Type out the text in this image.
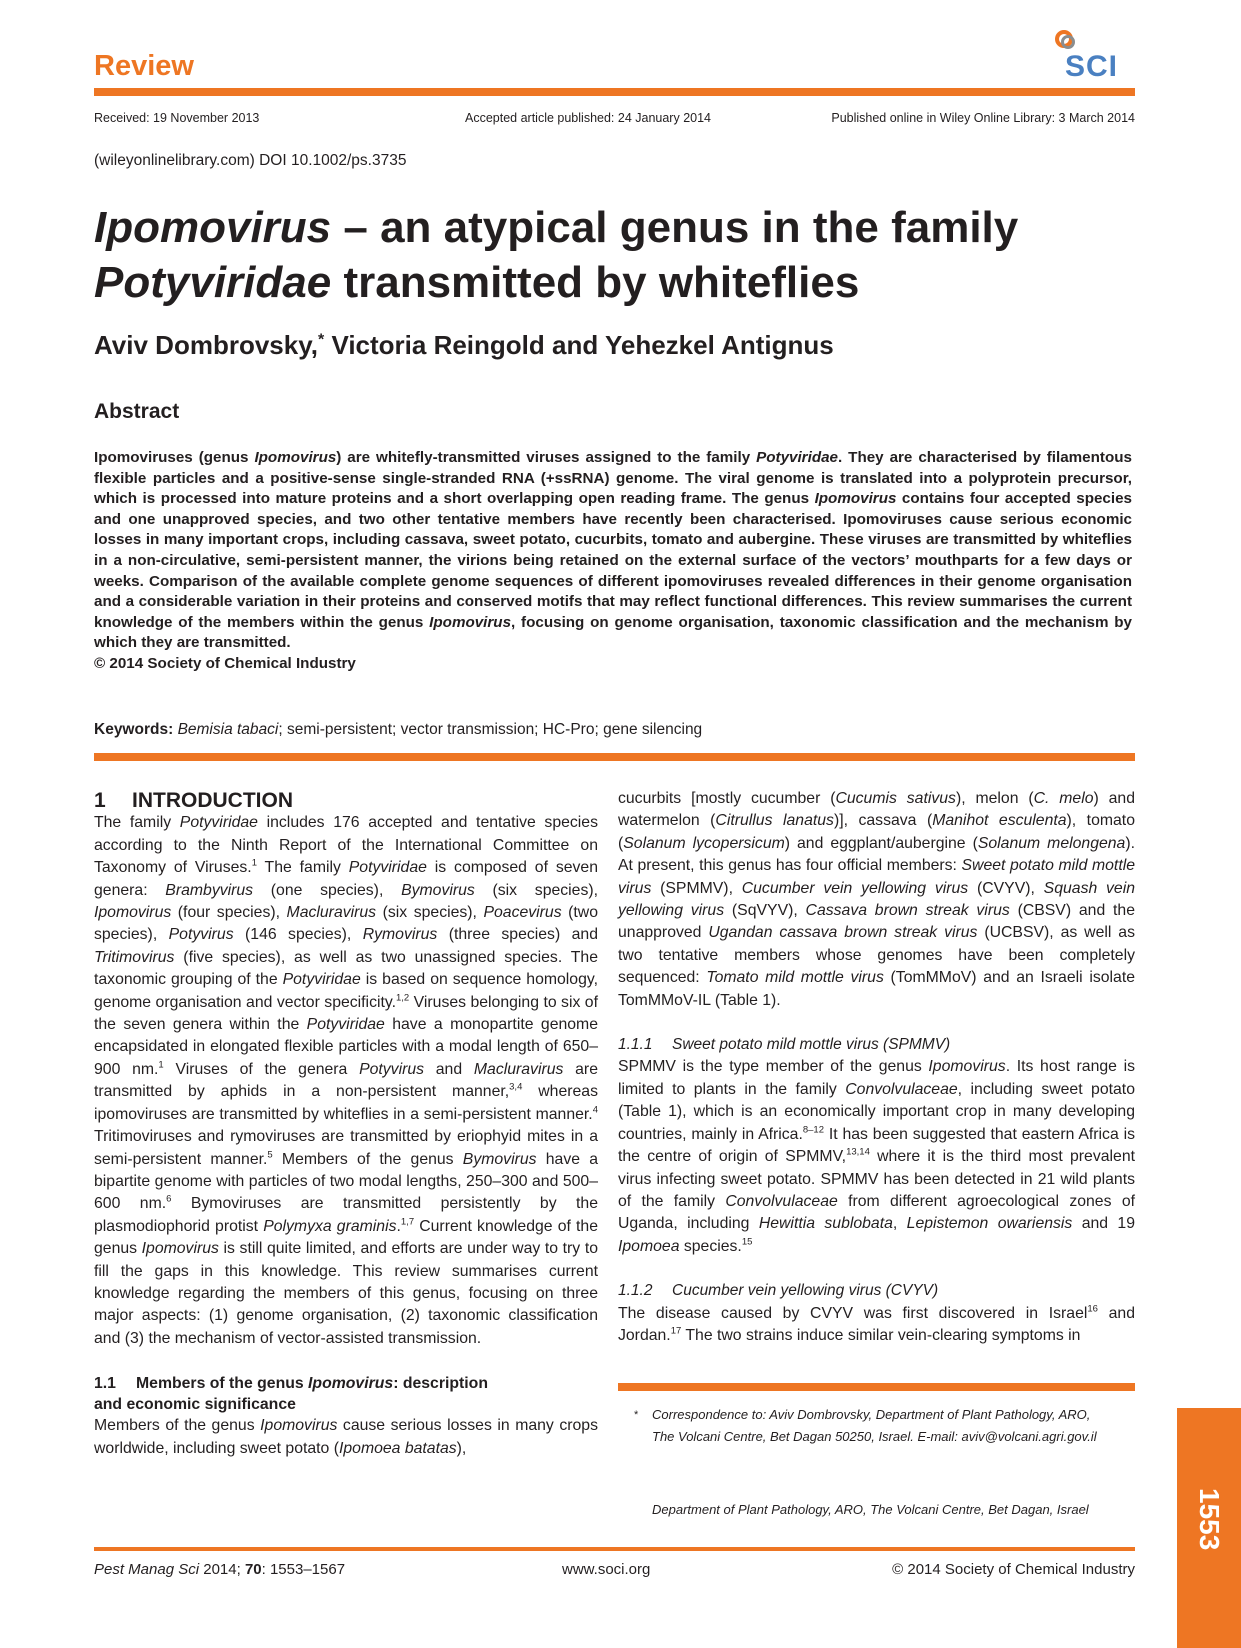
Review	SCI
Received: 19 November 2013	Accepted article published: 24 January 2014	Published online in Wiley Online Library: 3 March 2014
(wileyonlinelibrary.com) DOI 10.1002/ps.3735
Ipomovirus – an atypical genus in the family
Potyviridae transmitted by whiteflies
Aviv Dombrovsky,* Victoria Reingold and Yehezkel Antignus
Abstract

Ipomoviruses (genus Ipomovirus) are whitefly-transmitted viruses assigned to the family Potyviridae. They are characterised by filamentous flexible particles and a positive-sense single-stranded RNA (+ssRNA) genome. The viral genome is translated into a polyprotein precursor, which is processed into mature proteins and a short overlapping open reading frame. The genus Ipomovirus contains four accepted species and one unapproved species, and two other tentative members have recently been characterised. Ipomoviruses cause serious economic losses in many important crops, including cassava, sweet potato, cucurbits, tomato and aubergine. These viruses are transmitted by whiteflies in a non-circulative, semi-persistent manner, the virions being retained on the external surface of the vectors’ mouthparts for a few days or weeks. Comparison of the available complete genome sequences of different ipomoviruses revealed differences in their genome organisation and a considerable variation in their proteins and conserved motifs that may reflect functional differences. This review summarises the current knowledge of the members within the genus Ipomovirus, focusing on genome organisation, taxonomic classification and the mechanism by which they are transmitted.

© 2014 Society of Chemical Industry

Keywords: Bemisia tabaci; semi-persistent; vector transmission; HC-Pro; gene silencing
1 INTRODUCTION

The family Potyviridae includes 176 accepted and tentative species according to the Ninth Report of the International Committee on Taxonomy of Viruses.$^1$ The family Potyviridae is composed of seven genera: Brambyvirus (one species), Bymovirus (six species), Ipomovirus (four species), Macluravirus (six species), Poacevirus (two species), Potyvirus (146 species), Rymovirus (three species) and Tritimovirus (five species), as well as two unassigned species. The taxonomic grouping of the Potyviridae is based on sequence homology, genome organisation and vector specificity.$^{1,2}$ Viruses belonging to six of the seven genera within the Potyviridae have a monopartite genome encapsidated in elongated flexible particles with a modal length of 650–900 nm.$^1$ Viruses of the genera Potyvirus and Macluravirus are transmitted by aphids in a non-persistent manner,$^{3,4}$ whereas ipomoviruses are transmitted by whiteflies in a semi-persistent manner.$^4$ Tritimoviruses and rymoviruses are transmitted by eriophyid mites in a semi-persistent manner.$^5$ Members of the genus Bymovirus have a bipartite genome with particles of two modal lengths, 250–300 and 500–600 nm.$^6$ Bymoviruses are transmitted persistently by the plasmodiophorid protist Polymyxa graminis.$^{1,7}$ Current knowledge of the genus Ipomovirus is still quite limited, and efforts are under way to try to fill the gaps in this knowledge. This review summarises current knowledge regarding the members of this genus, focusing on three major aspects: (1) genome organisation, (2) taxonomic classification and (3) the mechanism of vector-assisted transmission.

1.1 Members of the genus Ipomovirus: description
and economic significance

Members of the genus Ipomovirus cause serious losses in many crops worldwide, including sweet potato (Ipomoea batatas),

cucurbits [mostly cucumber (Cucumis sativus), melon (C. melo) and watermelon (Citrullus lanatus)], cassava (Manihot esculenta), tomato (Solanum lycopersicum) and eggplant/aubergine (Solanum melongena). At present, this genus has four official members: Sweet potato mild mottle virus (SPMMV), Cucumber vein yellowing virus (CVYV), Squash vein yellowing virus (SqVYV), Cassava brown streak virus (CBSV) and the unapproved Ugandan cassava brown streak virus (UCBSV), as well as two tentative members whose genomes have been completely sequenced: Tomato mild mottle virus (TomMMoV) and an Israeli isolate TomMMoV-IL (Table 1).

1.1.1 Sweet potato mild mottle virus (SPMMV)

SPMMV is the type member of the genus Ipomovirus. Its host range is limited to plants in the family Convolvulaceae, including sweet potato (Table 1), which is an economically important crop in many developing countries, mainly in Africa.$^{8-12}$ It has been suggested that eastern Africa is the centre of origin of SPMMV,$^{13,14}$ where it is the third most prevalent virus infecting sweet potato. SPMMV has been detected in 21 wild plants of the family Convolvulaceae from different agroecological zones of Uganda, including Hewittia sublobata, Lepistemon owariensis and 19 Ipomoea species.$^{15}$

1.1.2 Cucumber vein yellowing virus (CVYV)

The disease caused by CVYV was first discovered in Israel$^{16}$ and Jordan.$^{17}$ The two strains induce similar vein-clearing symptoms in

* Correspondence to: Aviv Dombrovsky, Department of Plant Pathology, ARO,
The Volcani Centre, Bet Dagan 50250, Israel. E-mail: aviv@volcani.agri.gov.il
Department of Plant Pathology, ARO, The Volcani Centre, Bet Dagan, Israel	1553
Pest Manag Sci 2014; 70: 1553–1567	www.soci.org	© 2014 Society of Chemical Industry
